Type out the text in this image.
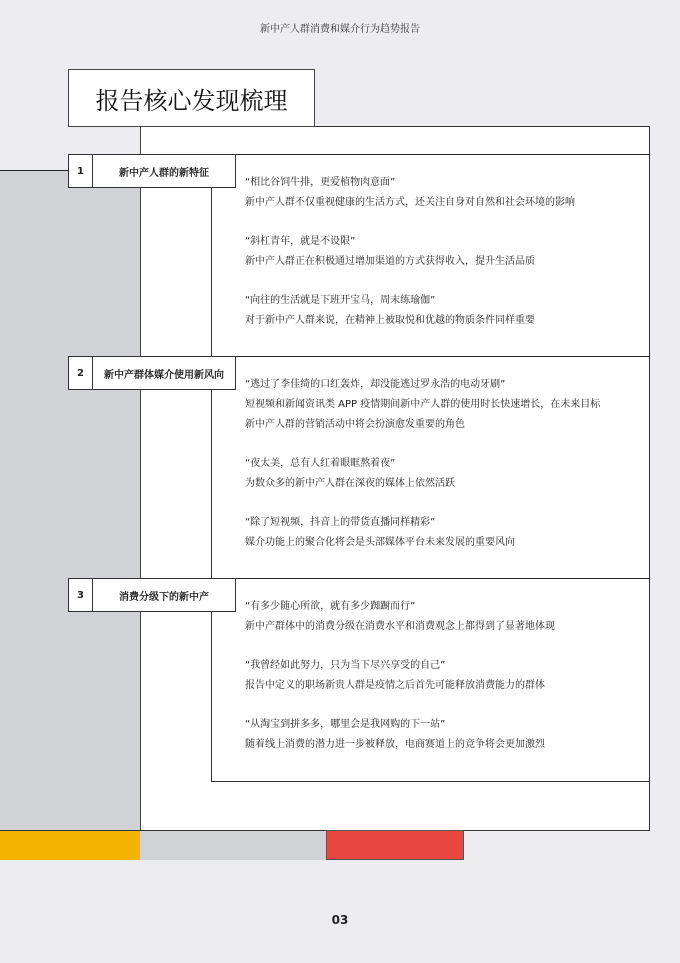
新中产人群消费和媒介行为趋势报告
报告核心发现梳理
“相比谷饲牛排，更爱植物肉意面”
新中产人群不仅重视健康的生活方式，还关注自身对自然和社会环境的影响
“斜杠青年，就是不设限”
新中产人群正在积极通过增加渠道的方式获得收入，提升生活品质
“向往的生活就是下班开宝马，周末练瑜伽”
对于新中产人群来说，在精神上被取悦和优越的物质条件同样重要
1	新中产人群的新特征
“逃过了李佳绮的口红轰炸，却没能逃过罗永浩的电动牙刷”
短视频和新闻资讯类 APP 疫情期间新中产人群的使用时长快速增长，在未来目标
新中产人群的营销活动中将会扮演愈发重要的角色
“夜太美，总有人红着眼眶熬着夜”
为数众多的新中产人群在深夜的媒体上依然活跃
“除了短视频，抖音上的带货直播同样精彩”
媒介功能上的聚合化将会是头部媒体平台未来发展的重要风向
2	新中产群体媒介使用新风向
“有多少随心所欲，就有多少踟蹰而行”
新中产群体中的消费分级在消费水平和消费观念上都得到了显著地体现
“我曾经如此努力，只为当下尽兴享受的自己”
报告中定义的职场新贵人群是疫情之后首先可能释放消费能力的群体
“从淘宝到拼多多，哪里会是我网购的下一站”
随着线上消费的潜力进一步被释放，电商赛道上的竞争将会更加激烈
3	消费分级下的新中产
03
